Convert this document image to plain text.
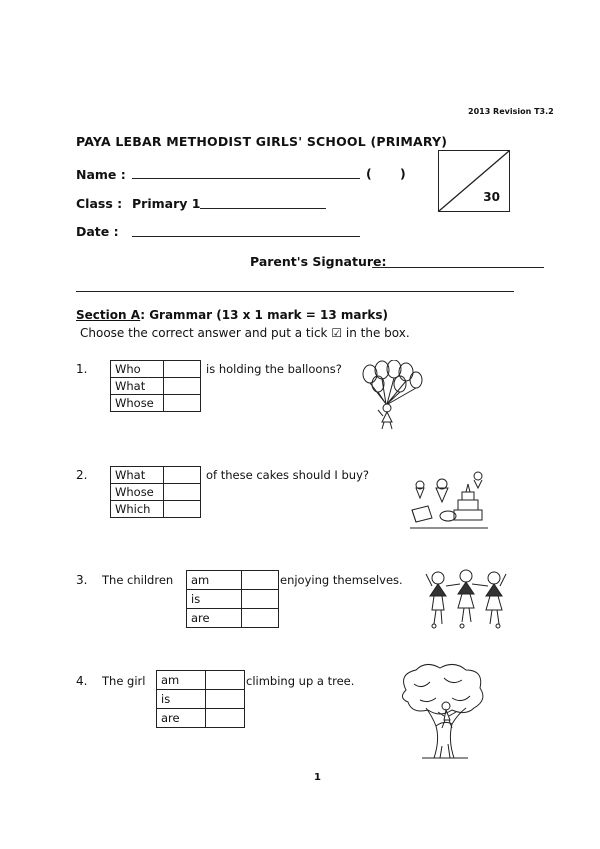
2013 Revision T3.2
PAYA LEBAR METHODIST GIRLS' SCHOOL (PRIMARY)
30
Name :	( )
Class : Primary 1
Date :
Parent's Signature:
Section A: Grammar (13 x 1 mark = 13 marks)
Choose the correct answer and put a tick ☑ in the box.
1. Who	
What	
Whose	
is holding the balloons?
2. What	
Whose	
Which	
of these cakes should I buy?
3. The children am	
is	
are	
enjoying themselves.
4. The girl am	
is	
are	
climbing up a tree.
1
